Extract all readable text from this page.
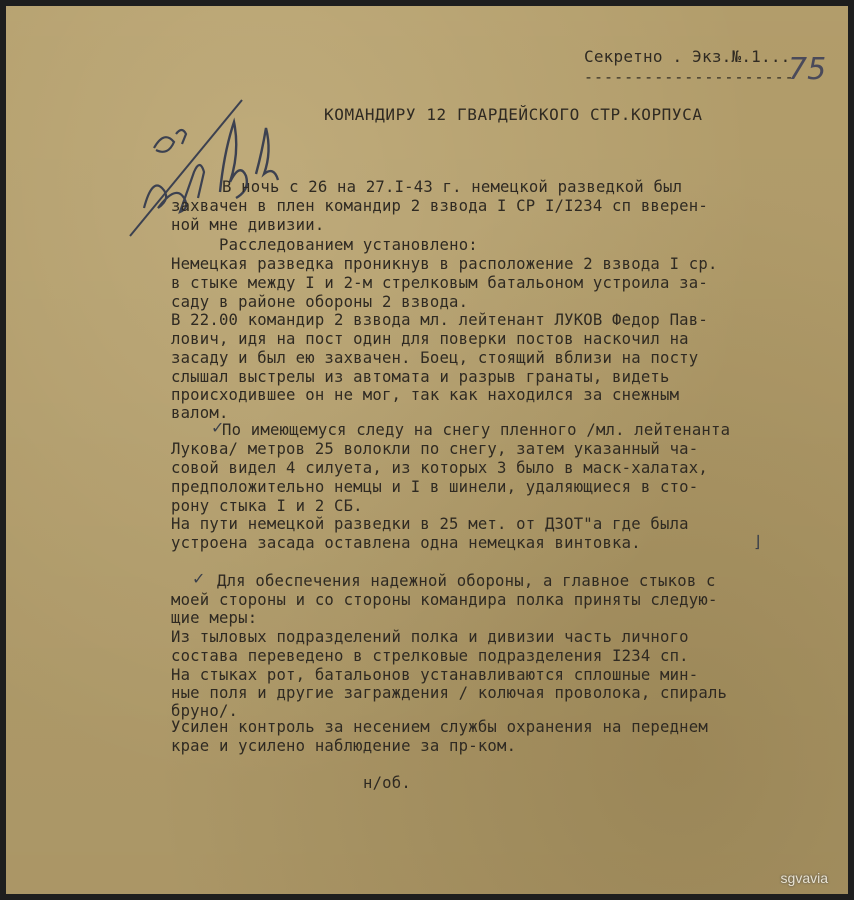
Секретно . Экз.№.1...
---------------------
75
КОМАНДИРУ 12 ГВАРДЕЙСКОГО СТР.КОРПУСА
В ночь с 26 на 27.I-43 г. немецкой разведкой был
захвачен в плен командир 2 взвода I СР I/I234 сп вверен-
ной мне дивизии.
Расследованием установлено:
Немецкая разведка проникнув в расположение 2 взвода I ср.
в стыке между I и 2-м стрелковым батальоном устроила за-
саду в районе обороны 2 взвода.
В 22.00 командир 2 взвода мл. лейтенант ЛУКОВ Федор Пав-
лович, идя на пост один для поверки постов наскочил на
засаду и был ею захвачен. Боец, стоящий вблизи на посту
слышал выстрелы из автомата и разрыв гранаты, видеть
происходившее он не мог, так как находился за снежным
валом.
✓
По имеющемуся следу на снегу пленного /мл. лейтенанта
Лукова/ метров 25 волокли по снегу, затем указанный ча-
совой видел 4 силуета, из которых 3 было в маск-халатах,
предположительно немцы и I в шинели, удаляющиеся в сто-
рону стыка I и 2 СБ.
На пути немецкой разведки в 25 мет. от ДЗОТ"а где была
устроена засада оставлена одна немецкая винтовка.	⌋
✓ Для обеспечения надежной обороны, а главное стыков с
моей стороны и со стороны командира полка приняты следую-
щие меры:
Из тыловых подразделений полка и дивизии часть личного
состава переведено в стрелковые подразделения I234 сп.
На стыках рот, батальонов устанавливаются сплошные мин-
ные поля и другие заграждения / колючая проволока, спираль
бруно/.
Усилен контроль за несением службы охранения на переднем
крае и усилено наблюдение за пр-ком.
н/об.
sgvavia
